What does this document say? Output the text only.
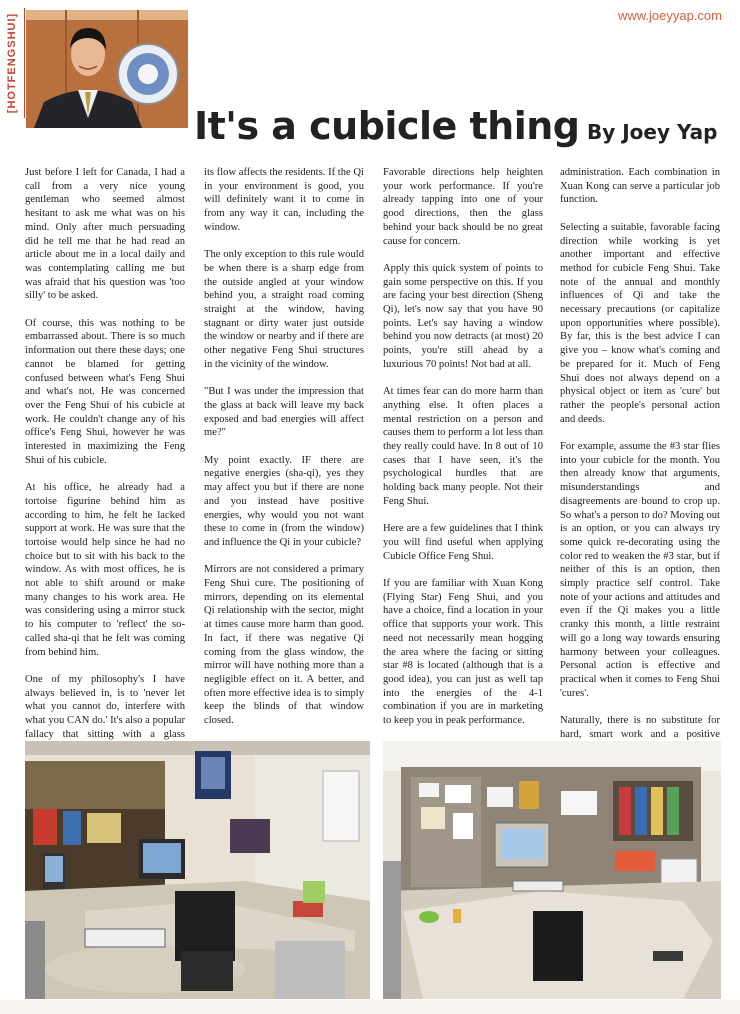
[HOTFENGSHUI]	www.joeyyap.com
It's a cubicle thing By Joey Yap

Just before I left for Canada, I had a call from a very nice young gentleman who seemed almost hesitant to ask me what was on his mind. Only after much persuading did he tell me that he had read an article about me in a local daily and was contemplating calling me but was afraid that his question was 'too silly' to be asked.

Of course, this was nothing to be embarrassed about. There is so much information out there these days; one cannot be blamed for getting confused between what's Feng Shui and what's not. He was concerned over the Feng Shui of his cubicle at work. He couldn't change any of his office's Feng Shui, however he was interested in maximizing the Feng Shui of his cubicle.

At his office, he already had a tortoise figurine behind him as according to him, he felt he lacked support at work. He was sure that the tortoise would help since he had no choice but to sit with his back to the window. As with most offices, he is not able to shift around or make many changes to his work area. He was considering using a mirror stuck to his computer to 'reflect' the so-called sha-qi that he felt was coming from behind him.

One of my philosophy's I have always believed in, is to 'never let what you cannot do, interfere with what you CAN do.' It's also a popular fallacy that sitting with a glass

its flow affects the residents. If the Qi in your environment is good, you will definitely want it to come in from any way it can, including the window.

The only exception to this rule would be when there is a sharp edge from the outside angled at your window behind you, a straight road coming straight at the window, having stagnant or dirty water just outside the window or nearby and if there are other negative Feng Shui structures in the vicinity of the window.

"But I was under the impression that the glass at back will leave my back exposed and bad energies will affect me?"

My point exactly. IF there are negative energies (sha-qi), yes they may affect you but if there are none and you instead have positive energies, why would you not want these to come in (from the window) and influence the Qi in your cubicle?

Mirrors are not considered a primary Feng Shui cure. The positioning of mirrors, depending on its elemental Qi relationship with the sector, might at times cause more harm than good. In fact, if there was negative Qi coming from the glass window, the mirror will have nothing more than a negligible effect on it. A better, and often more effective idea is to simply keep the blinds of that window closed.

Favorable directions help heighten your work performance. If you're already tapping into one of your good directions, then the glass behind your back should be no great cause for concern.

Apply this quick system of points to gain some perspective on this. If you are facing your best direction (Sheng Qi), let's now say that you have 90 points. Let's say having a window behind you now detracts (at most) 20 points, you're still ahead by a luxurious 70 points! Not bad at all.

At times fear can do more harm than anything else. It often places a mental restriction on a person and causes them to perform a lot less than they really could have. In 8 out of 10 cases that I have seen, it's the psychological hurdles that are holding back many people. Not their Feng Shui.

Here are a few guidelines that I think you will find useful when applying Cubicle Office Feng Shui.

If you are familiar with Xuan Kong (Flying Star) Feng Shui, and you have a choice, find a location in your office that supports your work. This need not necessarily mean hogging the area where the facing or sitting star #8 is located (although that is a good idea), you can just as well tap into the energies of the 4-1 combination if you are in marketing to keep you in peak performance.

administration. Each combination in Xuan Kong can serve a particular job function.

Selecting a suitable, favorable facing direction while working is yet another important and effective method for cubicle Feng Shui. Take note of the annual and monthly influences of Qi and take the necessary precautions (or capitalize upon opportunities where possible). By far, this is the best advice I can give you – know what's coming and be prepared for it. Much of Feng Shui does not always depend on a physical object or item as 'cure' but rather the people's personal action and deeds.

For example, assume the #3 star flies into your cubicle for the month. You then already know that arguments, misunderstandings and disagreements are bound to crop up. So what's a person to do? Moving out is an option, or you can always try some quick re-decorating using the color red to weaken the #3 star, but if neither of this is an option, then simply practice self control. Take note of your actions and attitudes and even if the Qi makes you a little cranky this month, a little restraint will go a long way towards ensuring harmony between your colleagues. Personal action is effective and practical when it comes to Feng Shui 'cures'.

Naturally, there is no substitute for hard, smart work and a positive
